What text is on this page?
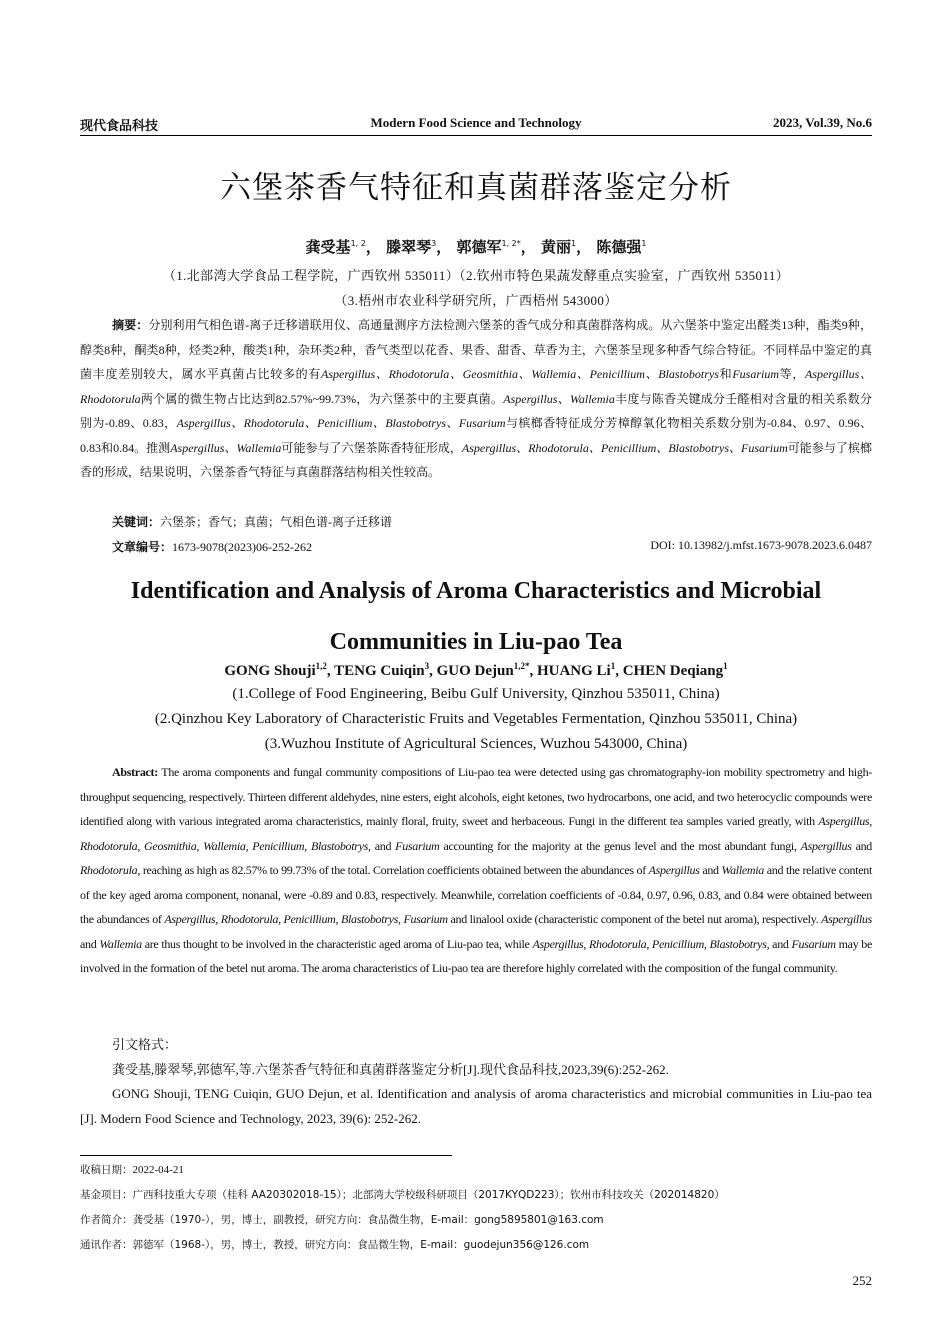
现代食品科技	Modern Food Science and Technology	2023, Vol.39, No.6
六堡茶香气特征和真菌群落鉴定分析
龚受基$^{1, 2}$， 滕翠琴$^3$， 郭德军$^{1, 2*}$， 黄丽$^1$， 陈德强$^1$
（1.北部湾大学食品工程学院，广西钦州 535011）（2.钦州市特色果蔬发酵重点实验室，广西钦州 535011）
（3.梧州市农业科学研究所，广西梧州 543000）
摘要：分别利用气相色谱-离子迁移谱联用仪、高通量测序方法检测六堡茶的香气成分和真菌群落构成。从六堡茶中鉴定出醛类13种，酯类9种，醇类8种，酮类8种，烃类2种，酸类1种，杂环类2种，香气类型以花香、果香、甜香、草香为主，六堡茶呈现多种香气综合特征。不同样品中鉴定的真菌丰度差别较大，属水平真菌占比较多的有Aspergillus、Rhodotorula、Geosmithia、Wallemia、Penicillium、Blastobotrys和Fusarium等，Aspergillus、Rhodotorula两个属的微生物占比达到82.57%~99.73%，为六堡茶中的主要真菌。Aspergillus、Wallemia丰度与陈香关键成分壬醛相对含量的相关系数分别为-0.89、0.83，Aspergillus、Rhodotorula、Penicillium、Blastobotrys、Fusarium与槟榔香特征成分芳樟醇氧化物相关系数分别为-0.84、0.97、0.96、0.83和0.84。推测Aspergillus、Wallemia可能参与了六堡茶陈香特征形成，Aspergillus、Rhodotorula、Penicillium、Blastobotrys、Fusarium可能参与了槟榔香的形成，结果说明，六堡茶香气特征与真菌群落结构相关性较高。
关键词：六堡茶；香气；真菌；气相色谱-离子迁移谱
文章编号：1673-9078(2023)06-252-262	DOI: 10.13982/j.mfst.1673-9078.2023.6.0487
Identification and Analysis of Aroma Characteristics and Microbial Communities in Liu-pao Tea
GONG Shouji$^{1,2}$, TENG Cuiqin$^3$, GUO Dejun$^{1,2*}$, HUANG Li$^1$, CHEN Deqiang$^1$
(1.College of Food Engineering, Beibu Gulf University, Qinzhou 535011, China)
(2.Qinzhou Key Laboratory of Characteristic Fruits and Vegetables Fermentation, Qinzhou 535011, China)
(3.Wuzhou Institute of Agricultural Sciences, Wuzhou 543000, China)
Abstract: The aroma components and fungal community compositions of Liu-pao tea were detected using gas chromatography-ion mobility spectrometry and high-throughput sequencing, respectively. Thirteen different aldehydes, nine esters, eight alcohols, eight ketones, two hydrocarbons, one acid, and two heterocyclic compounds were identified along with various integrated aroma characteristics, mainly floral, fruity, sweet and herbaceous. Fungi in the different tea samples varied greatly, with Aspergillus, Rhodotorula, Geosmithia, Wallemia, Penicillium, Blastobotrys, and Fusarium accounting for the majority at the genus level and the most abundant fungi, Aspergillus and Rhodotorula, reaching as high as 82.57% to 99.73% of the total. Correlation coefficients obtained between the abundances of Aspergillus and Wallemia and the relative content of the key aged aroma component, nonanal, were -0.89 and 0.83, respectively. Meanwhile, correlation coefficients of -0.84, 0.97, 0.96, 0.83, and 0.84 were obtained between the abundances of Aspergillus, Rhodotorula, Penicillium, Blastobotrys, Fusarium and linalool oxide (characteristic component of the betel nut aroma), respectively. Aspergillus and Wallemia are thus thought to be involved in the characteristic aged aroma of Liu-pao tea, while Aspergillus, Rhodotorula, Penicillium, Blastobotrys, and Fusarium may be involved in the formation of the betel nut aroma. The aroma characteristics of Liu-pao tea are therefore highly correlated with the composition of the fungal community.
引文格式：
龚受基,滕翠琴,郭德军,等.六堡茶香气特征和真菌群落鉴定分析[J].现代食品科技,2023,39(6):252-262.
GONG Shouji, TENG Cuiqin, GUO Dejun, et al. Identification and analysis of aroma characteristics and microbial communities in Liu-pao tea [J]. Modern Food Science and Technology, 2023, 39(6): 252-262.
收稿日期：2022-04-21
基金项目：广西科技重大专项（桂科 AA20302018-15）；北部湾大学校级科研项目（2017KYQD223）；钦州市科技攻关（202014820）
作者简介：龚受基（1970-），男，博士，副教授，研究方向：食品微生物，E-mail：gong5895801@163.com
通讯作者：郭德军（1968-），男，博士，教授，研究方向：食品微生物，E-mail：guodejun356@126.com
252
